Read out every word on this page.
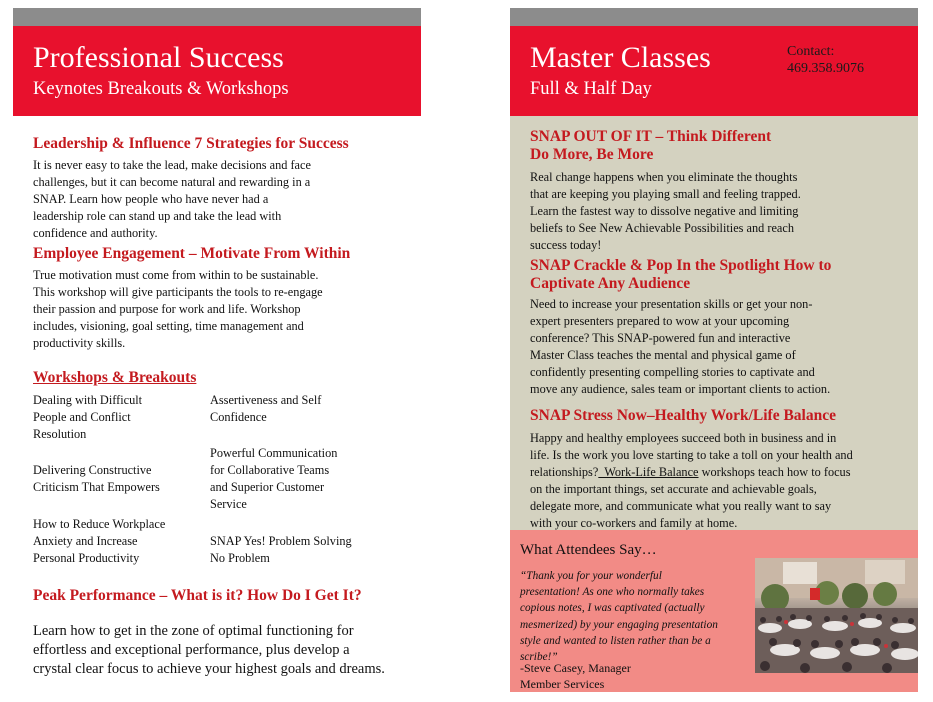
Professional Success
Keynotes Breakouts & Workshops
Leadership & Influence 7 Strategies for Success
It is never easy to take the lead, make decisions and face
challenges, but it can become natural and rewarding in a
SNAP. Learn how people who have never had a
leadership role can stand up and take the lead with
confidence and authority.
Employee Engagement – Motivate From Within
True motivation must come from within to be sustainable.
This workshop will give participants the tools to re-engage
their passion and purpose for work and life. Workshop
includes, visioning, goal setting, time management and
productivity skills.
Workshops & Breakouts
Dealing with Difficult
People and Conflict
Resolution
Assertiveness and Self
Confidence
Delivering Constructive
Criticism That Empowers
Powerful Communication
for Collaborative Teams
and Superior Customer
Service
How to Reduce Workplace
Anxiety and Increase
Personal Productivity
SNAP Yes! Problem Solving
No Problem
Peak Performance – What is it? How Do I Get It?
Learn how to get in the zone of optimal functioning for
effortless and exceptional performance, plus develop a
crystal clear focus to achieve your highest goals and dreams.
Master Classes
Full & Half Day
Contact:
469.358.9076
SNAP OUT OF IT – Think Different
Do More, Be More
Real change happens when you eliminate the thoughts
that are keeping you playing small and feeling trapped.
Learn the fastest way to dissolve negative and limiting
beliefs to See New Achievable Possibilities and reach
success today!
SNAP Crackle & Pop In the Spotlight How to
Captivate Any Audience
Need to increase your presentation skills or get your non-
expert presenters prepared to wow at your upcoming
conference? This SNAP-powered fun and interactive
Master Class teaches the mental and physical game of
confidently presenting compelling stories to captivate and
move any audience, sales team or important clients to action.
SNAP Stress Now–Healthy Work/Life Balance
Happy and healthy employees succeed both in business and in
life. Is the work you love starting to take a toll on your health and
relationships?  Work-Life Balance workshops teach how to focus
on the important things, set accurate and achievable goals,
delegate more, and communicate what you really want to say
with your co-workers and family at home.
What Attendees Say…
“Thank you for your wonderful
presentation! As one who normally takes
copious notes, I was captivated (actually
mesmerized) by your engaging presentation
style and wanted to listen rather than be a
scribe!”
-Steve Casey, Manager
Member Services
